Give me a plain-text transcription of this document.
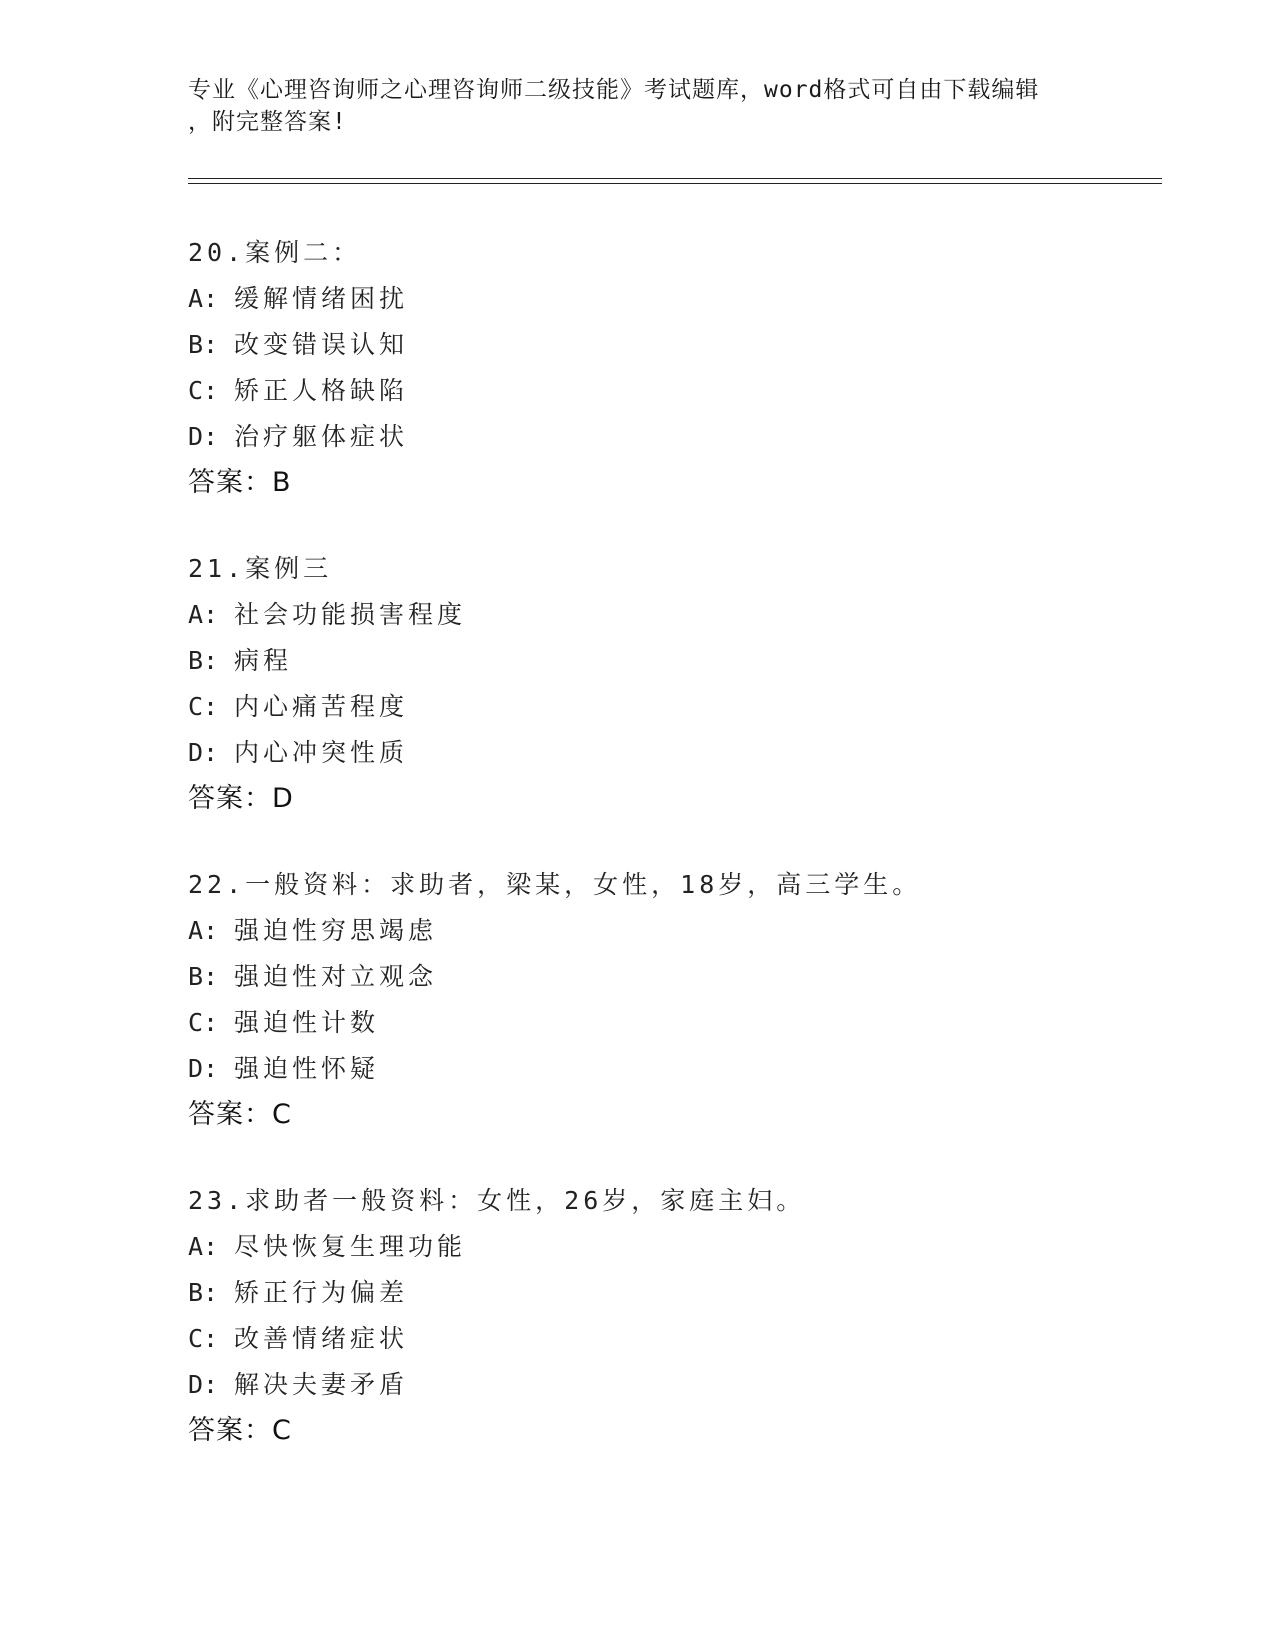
专业《心理咨询师之心理咨询师二级技能》考试题库，word格式可自由下载编辑
，附完整答案!
20.案例二：
A: 缓解情绪困扰
B: 改变错误认知
C: 矫正人格缺陷
D: 治疗躯体症状
答案：B
21.案例三
A: 社会功能损害程度
B: 病程
C: 内心痛苦程度
D: 内心冲突性质
答案：D
22.一般资料：求助者，梁某，女性，18岁，高三学生。
A: 强迫性穷思竭虑
B: 强迫性对立观念
C: 强迫性计数
D: 强迫性怀疑
答案：C
23.求助者一般资料：女性，26岁，家庭主妇。
A: 尽快恢复生理功能
B: 矫正行为偏差
C: 改善情绪症状
D: 解决夫妻矛盾
答案：C
